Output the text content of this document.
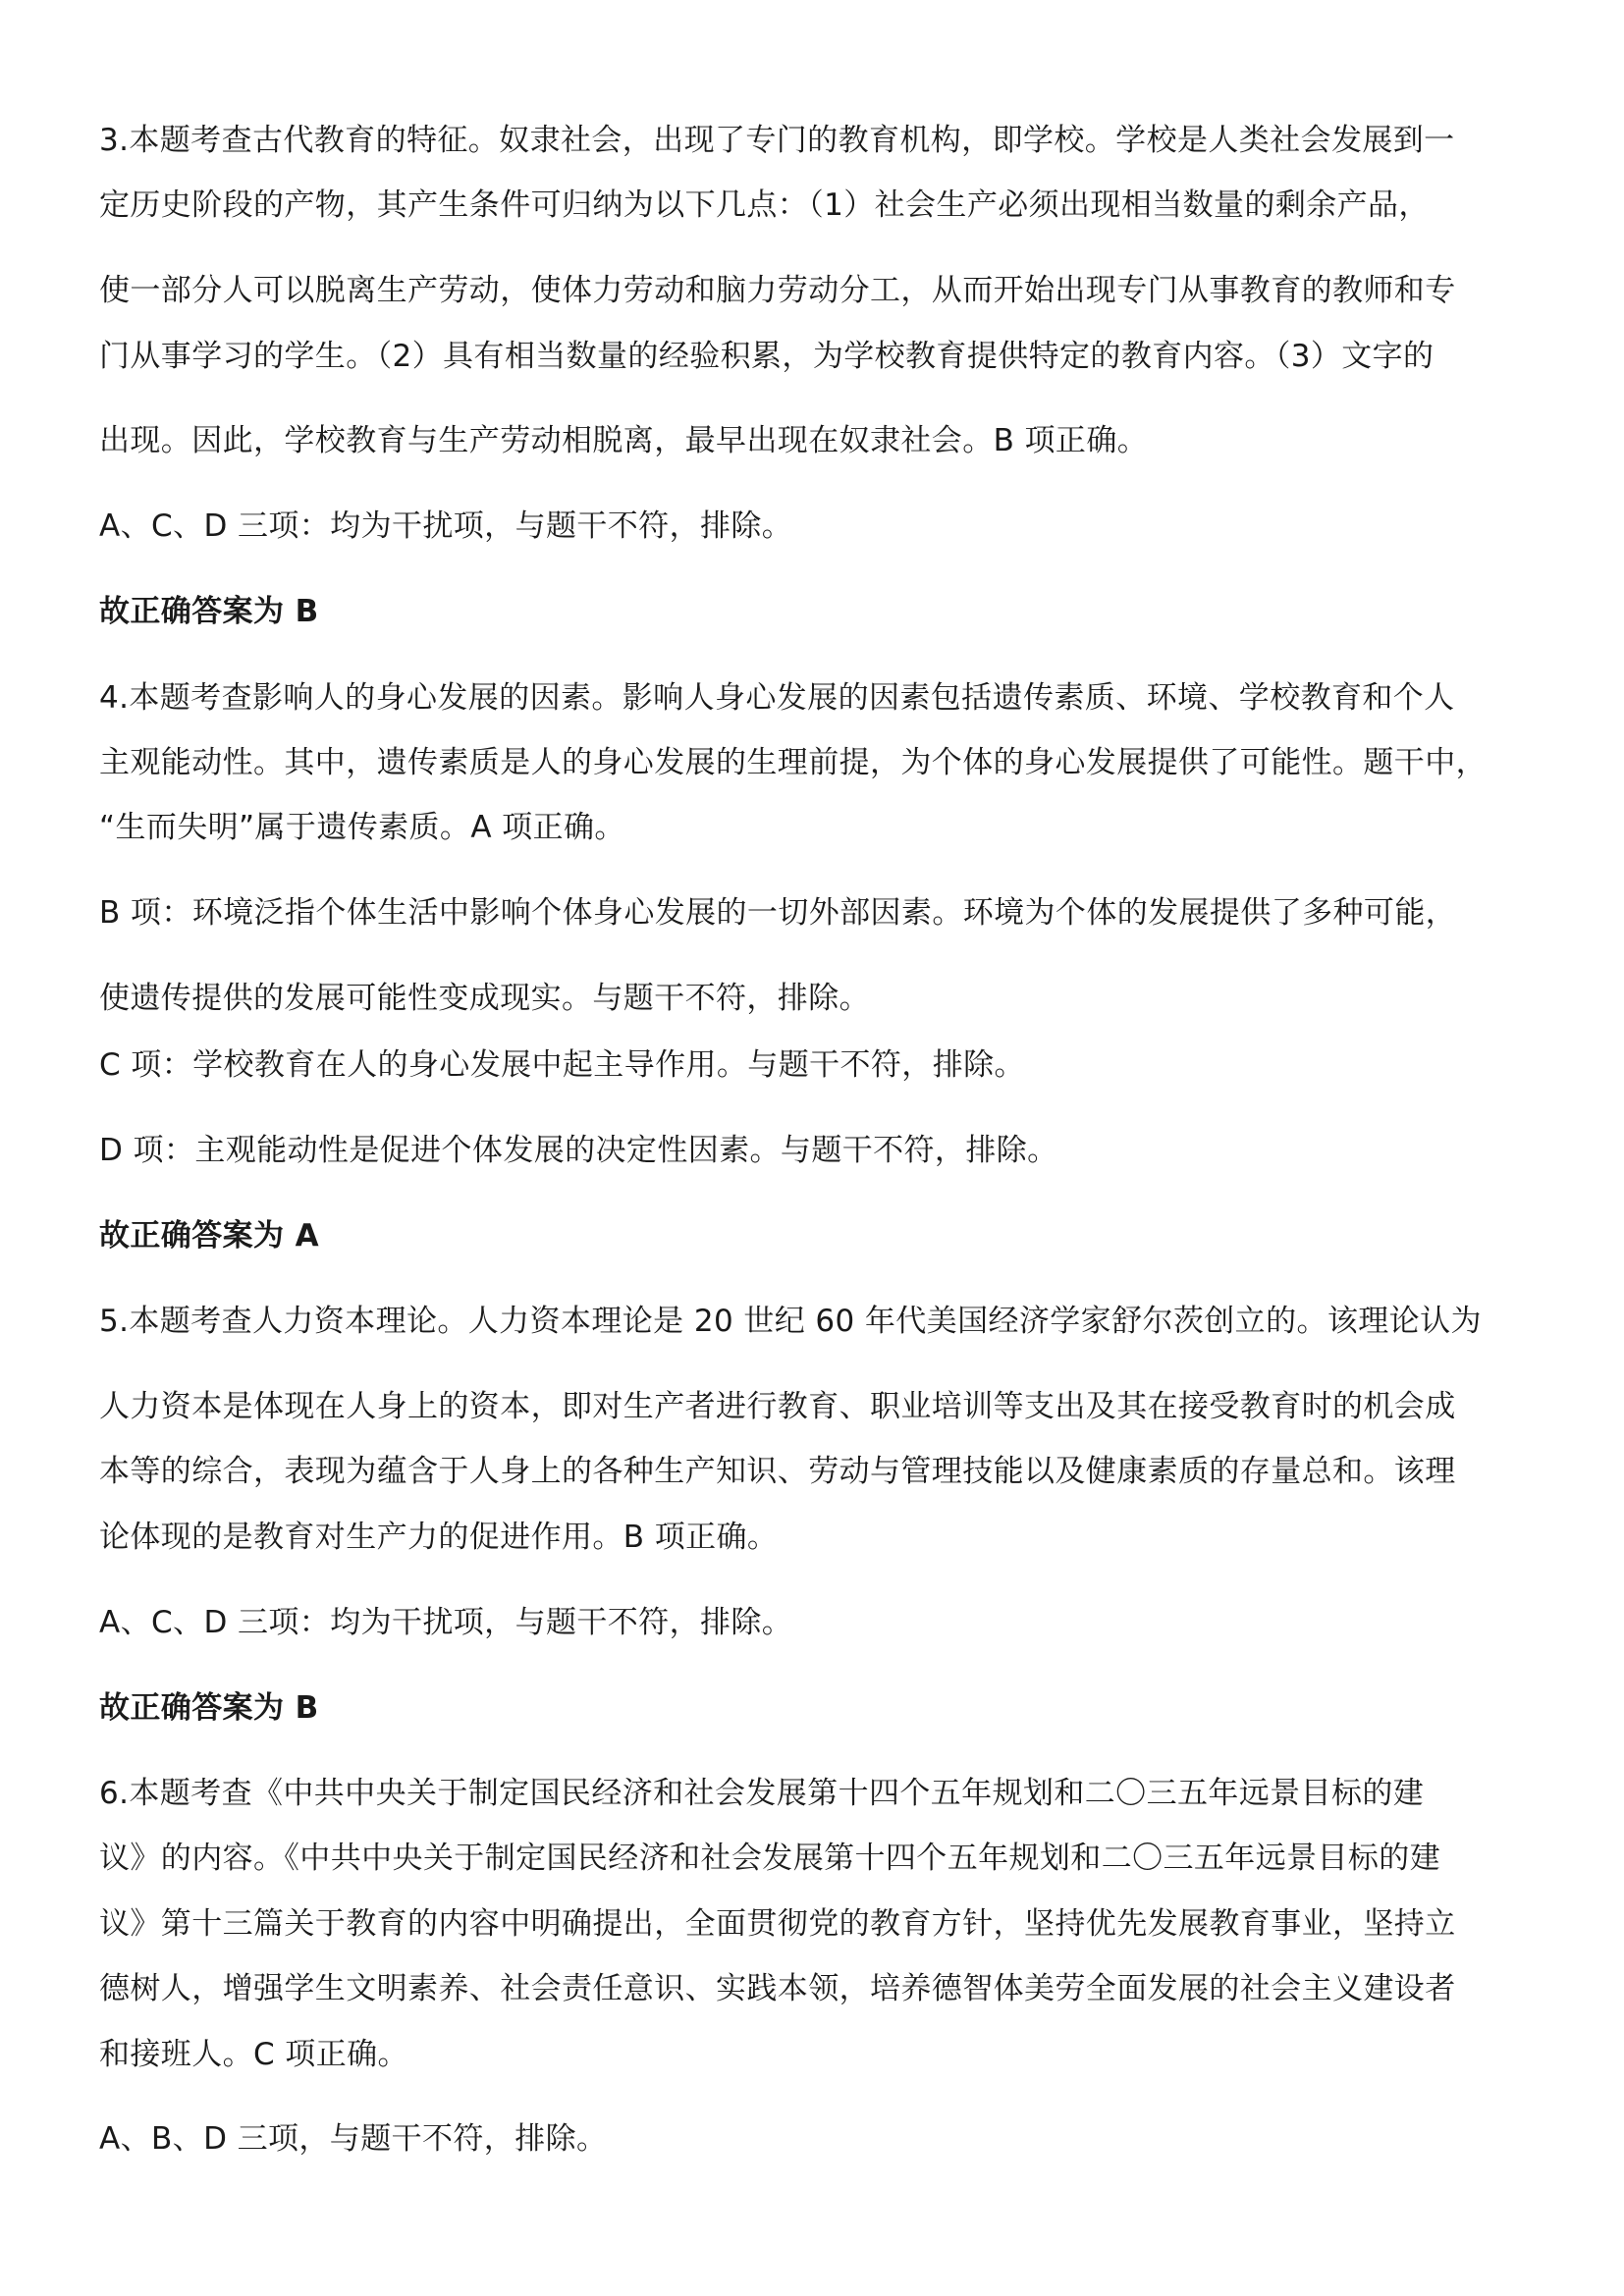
3.本题考查古代教育的特征。奴隶社会，出现了专门的教育机构，即学校。学校是人类社会发展到一
定历史阶段的产物，其产生条件可归纳为以下几点：（1）社会生产必须出现相当数量的剩余产品，
使一部分人可以脱离生产劳动，使体力劳动和脑力劳动分工，从而开始出现专门从事教育的教师和专
门从事学习的学生。（2）具有相当数量的经验积累，为学校教育提供特定的教育内容。（3）文字的
出现。因此，学校教育与生产劳动相脱离，最早出现在奴隶社会。B 项正确。
A、C、D 三项：均为干扰项，与题干不符，排除。
故正确答案为 B
4.本题考查影响人的身心发展的因素。影响人身心发展的因素包括遗传素质、环境、学校教育和个人
主观能动性。其中，遗传素质是人的身心发展的生理前提，为个体的身心发展提供了可能性。题干中，
“生而失明”属于遗传素质。A 项正确。
B 项：环境泛指个体生活中影响个体身心发展的一切外部因素。环境为个体的发展提供了多种可能，
使遗传提供的发展可能性变成现实。与题干不符，排除。
C 项：学校教育在人的身心发展中起主导作用。与题干不符，排除。
D 项：主观能动性是促进个体发展的决定性因素。与题干不符，排除。
故正确答案为 A
5.本题考查人力资本理论。人力资本理论是 20 世纪 60 年代美国经济学家舒尔茨创立的。该理论认为
人力资本是体现在人身上的资本，即对生产者进行教育、职业培训等支出及其在接受教育时的机会成
本等的综合，表现为蕴含于人身上的各种生产知识、劳动与管理技能以及健康素质的存量总和。该理
论体现的是教育对生产力的促进作用。B 项正确。
A、C、D 三项：均为干扰项，与题干不符，排除。
故正确答案为 B
6.本题考查《中共中央关于制定国民经济和社会发展第十四个五年规划和二〇三五年远景目标的建
议》的内容。《中共中央关于制定国民经济和社会发展第十四个五年规划和二〇三五年远景目标的建
议》第十三篇关于教育的内容中明确提出，全面贯彻党的教育方针，坚持优先发展教育事业，坚持立
德树人，增强学生文明素养、社会责任意识、实践本领，培养德智体美劳全面发展的社会主义建设者
和接班人。C 项正确。
A、B、D 三项，与题干不符，排除。
